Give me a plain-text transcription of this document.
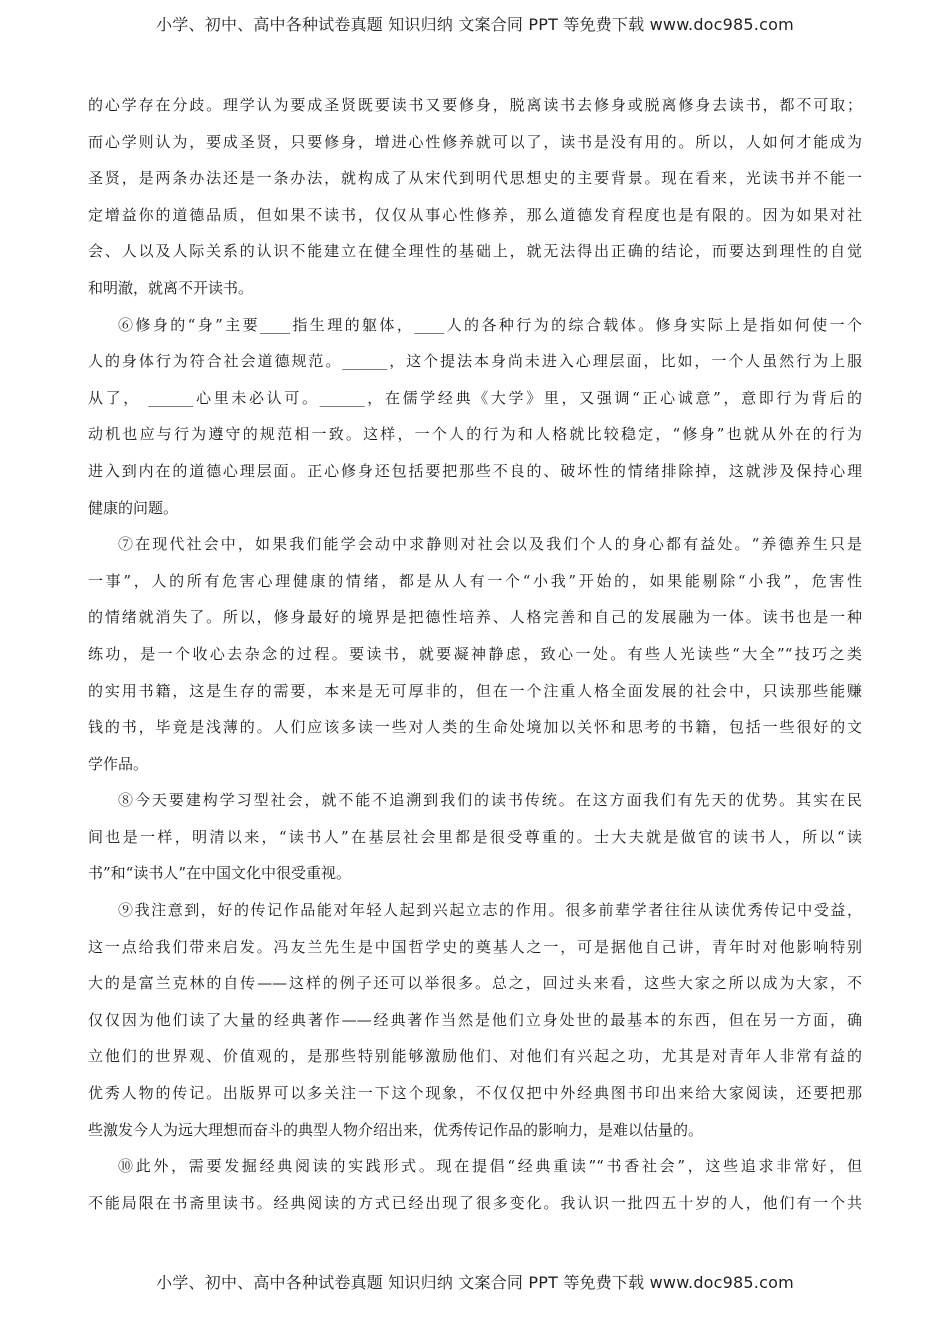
小学、初中、高中各种试卷真题 知识归纳 文案合同 PPT 等免费下载 www.doc985.com

的心学存在分歧。理学认为要成圣贤既要读书又要修身，脱离读书去修身或脱离修身去读书，都不可取；
而心学则认为，要成圣贤，只要修身，增进心性修养就可以了，读书是没有用的。所以，人如何才能成为
圣贤，是两条办法还是一条办法，就构成了从宋代到明代思想史的主要背景。现在看来，光读书并不能一
定增益你的道德品质，但如果不读书，仅仅从事心性修养，那么道德发育程度也是有限的。因为如果对社
会、人以及人际关系的认识不能建立在健全理性的基础上，就无法得出正确的结论，而要达到理性的自觉
和明澈，就离不开读书。

⑥修身的“身”主要____指生理的躯体，____人的各种行为的综合载体。修身实际上是指如何使一个
人的身体行为符合社会道德规范。______，这个提法本身尚未进入心理层面，比如，一个人虽然行为上服
从了， ______心里未必认可。______，在儒学经典《大学》里，又强调“正心诚意”，意即行为背后的
动机也应与行为遵守的规范相一致。这样，一个人的行为和人格就比较稳定，“修身”也就从外在的行为
进入到内在的道德心理层面。正心修身还包括要把那些不良的、破坏性的情绪排除掉，这就涉及保持心理
健康的问题。

⑦在现代社会中，如果我们能学会动中求静则对社会以及我们个人的身心都有益处。“养德养生只是
一事”，人的所有危害心理健康的情绪，都是从人有一个“小我”开始的，如果能剔除“小我”，危害性
的情绪就消失了。所以，修身最好的境界是把德性培养、人格完善和自己的发展融为一体。读书也是一种
练功，是一个收心去杂念的过程。要读书，就要凝神静虑，致心一处。有些人光读些“大全”“技巧之类
的实用书籍，这是生存的需要，本来是无可厚非的，但在一个注重人格全面发展的社会中，只读那些能赚
钱的书，毕竟是浅薄的。人们应该多读一些对人类的生命处境加以关怀和思考的书籍，包括一些很好的文
学作品。

⑧今天要建构学习型社会，就不能不追溯到我们的读书传统。在这方面我们有先天的优势。其实在民
间也是一样，明清以来，“读书人”在基层社会里都是很受尊重的。士大夫就是做官的读书人，所以“读
书”和“读书人”在中国文化中很受重视。

⑨我注意到，好的传记作品能对年轻人起到兴起立志的作用。很多前辈学者往往从读优秀传记中受益，
这一点给我们带来启发。冯友兰先生是中国哲学史的奠基人之一，可是据他自己讲，青年时对他影响特别
大的是富兰克林的自传——这样的例子还可以举很多。总之，回过头来看，这些大家之所以成为大家，不
仅仅因为他们读了大量的经典著作——经典著作当然是他们立身处世的最基本的东西，但在另一方面，确
立他们的世界观、价值观的，是那些特别能够激励他们、对他们有兴起之功，尤其是对青年人非常有益的
优秀人物的传记。出版界可以多关注一下这个现象，不仅仅把中外经典图书印出来给大家阅读，还要把那
些激发今人为远大理想而奋斗的典型人物介绍出来，优秀传记作品的影响力，是难以估量的。

⑩此外，需要发掘经典阅读的实践形式。现在提倡“经典重读”“书香社会”，这些追求非常好，但
不能局限在书斋里读书。经典阅读的方式已经出现了很多变化。我认识一批四五十岁的人，他们有一个共

小学、初中、高中各种试卷真题 知识归纳 文案合同 PPT 等免费下载 www.doc985.com
